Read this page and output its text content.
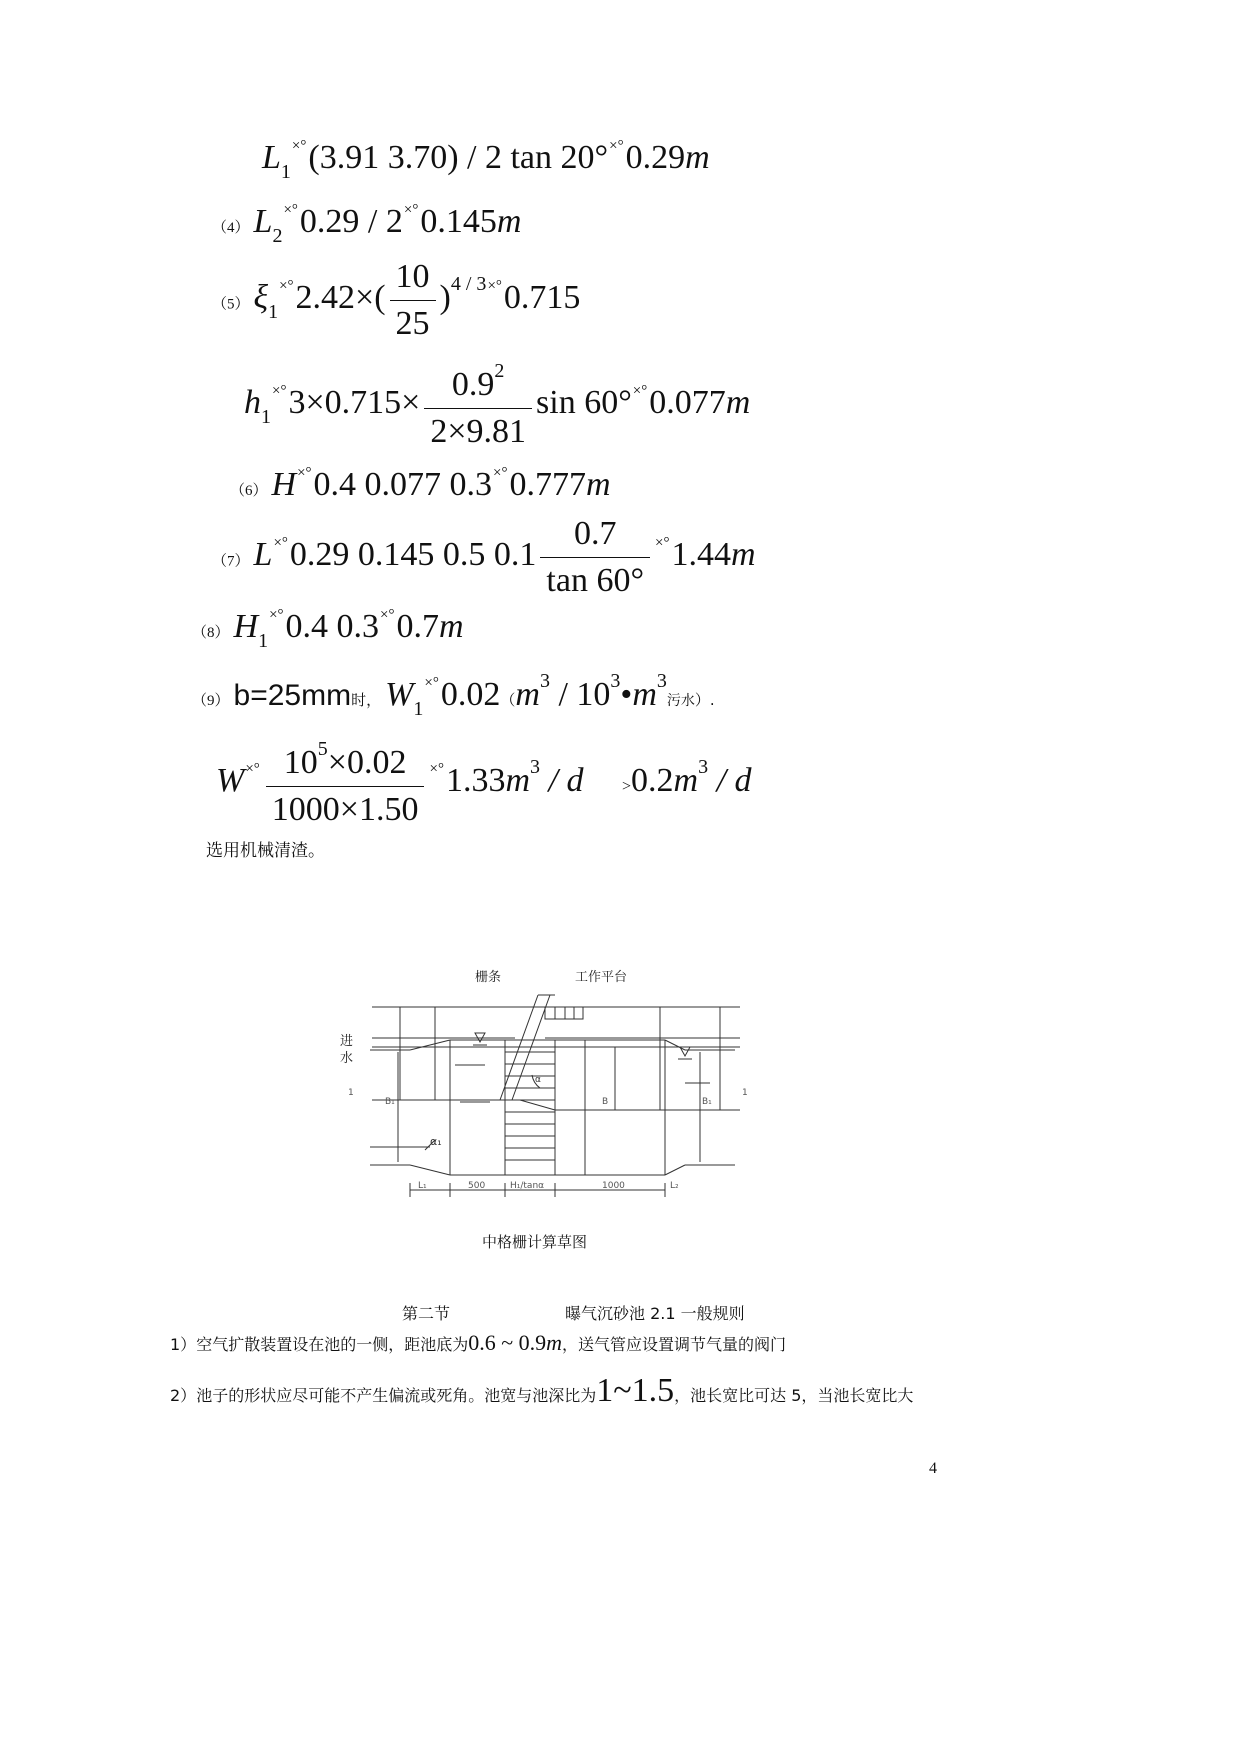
$L_1^{\times^\circ}(3.91$ 3.70) / 2 tan 20°×°0.29m
（4） $L_2^{\times^\circ}0.29 / 2^{\times^\circ}0.145m$
（5） $\xi_1^{\times^\circ}2.42\times( \frac{10}{25} )^{4 / 3\times^\circ}0.715$
$h_1^{\times^\circ}3\times 0.715\times \frac{0.9^2}{2\times 9.81}$ sin 60°×°0.077m
（6） H×°0.4 0.077 0.3×°0.777m
（7） L×°0.29 0.145 0.5 $0.1 \frac{0.7}{\tan 60^\circ} ^{\times^\circ}1.44m$
（8） $H_1^{\times^\circ}0.4$ 0.3×°0.7m
（9） b=25mm时， $W_1^{\times^\circ}0.02(m^3$ / $10^3•m^3$污水）.
$W^{\times^\circ} \frac{10^5\times 0.02}{1000\times 1.50} ^{\times^\circ}1.33m^3 / d >0.2m^3 / d$
选用机械清渣。
栅条	工作平台
α
进
水
α₁
B₁	B	B₁
1	1
L₁	500	H₁/tanα	1000	L₂
中格栅计算草图
第二节	曝气沉砂池 2.1 一般规则
1）空气扩散装置设在池的一侧，距池底为0.6 ~ 0.9m，送气管应设置调节气量的阀门
2）池子的形状应尽可能不产生偏流或死角。池宽与池深比为1~1.5，池长宽比可达 5，当池长宽比大
4
